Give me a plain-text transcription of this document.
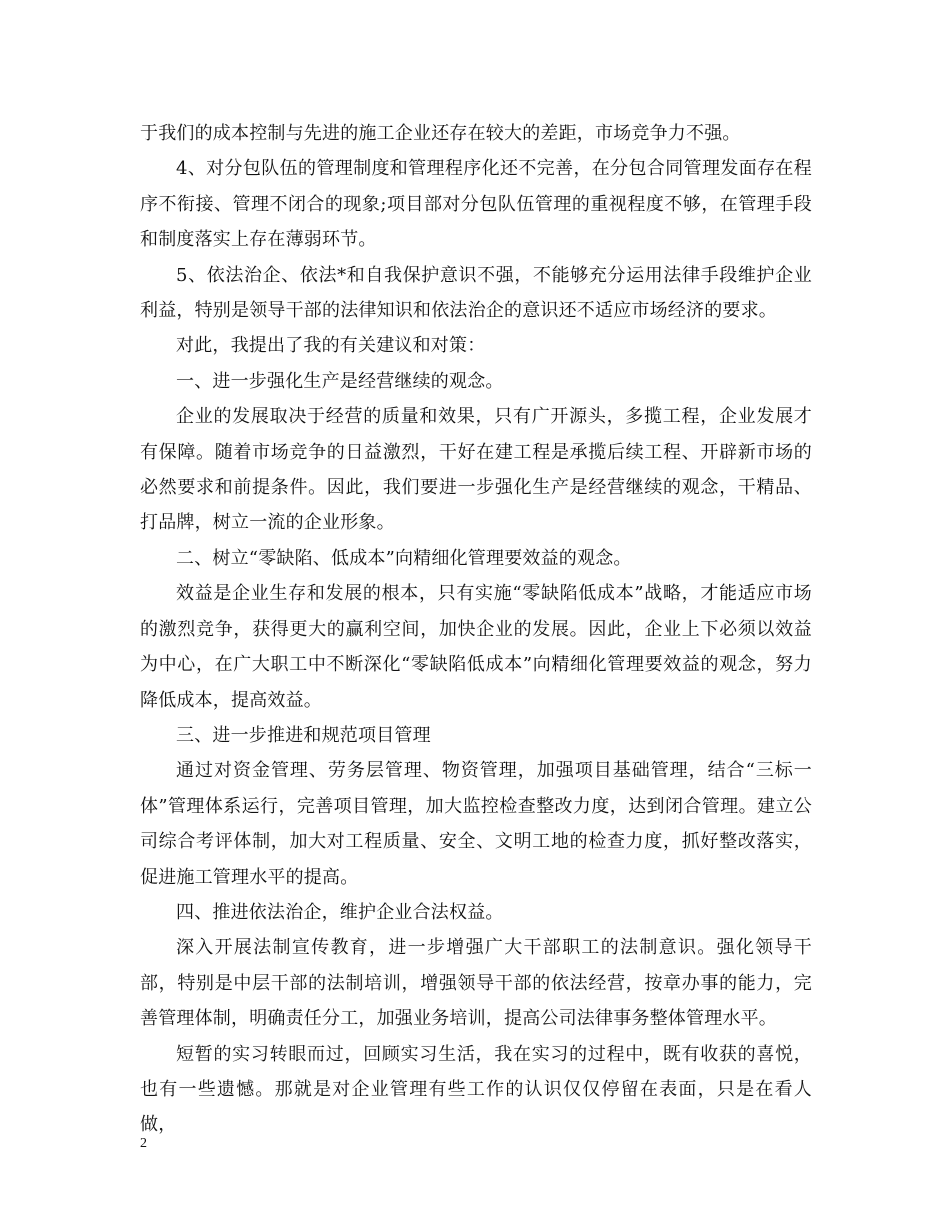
于我们的成本控制与先进的施工企业还存在较大的差距，市场竞争力不强。

4、对分包队伍的管理制度和管理程序化还不完善，在分包合同管理发面存在程序不衔接、管理不闭合的现象;项目部对分包队伍管理的重视程度不够，在管理手段和制度落实上存在薄弱环节。

5、依法治企、依法*和自我保护意识不强，不能够充分运用法律手段维护企业利益，特别是领导干部的法律知识和依法治企的意识还不适应市场经济的要求。

对此，我提出了我的有关建议和对策：

一、进一步强化生产是经营继续的观念。

企业的发展取决于经营的质量和效果，只有广开源头，多揽工程，企业发展才有保障。随着市场竞争的日益激烈，干好在建工程是承揽后续工程、开辟新市场的必然要求和前提条件。因此，我们要进一步强化生产是经营继续的观念，干精品、打品牌，树立一流的企业形象。

二、树立“零缺陷、低成本”向精细化管理要效益的观念。

效益是企业生存和发展的根本，只有实施“零缺陷低成本”战略，才能适应市场的激烈竞争，获得更大的赢利空间，加快企业的发展。因此，企业上下必须以效益为中心，在广大职工中不断深化“零缺陷低成本”向精细化管理要效益的观念，努力降低成本，提高效益。

三、进一步推进和规范项目管理

通过对资金管理、劳务层管理、物资管理，加强项目基础管理，结合“三标一体”管理体系运行，完善项目管理，加大监控检查整改力度，达到闭合管理。建立公司综合考评体制，加大对工程质量、安全、文明工地的检查力度，抓好整改落实，促进施工管理水平的提高。

四、推进依法治企，维护企业合法权益。

深入开展法制宣传教育，进一步增强广大干部职工的法制意识。强化领导干部，特别是中层干部的法制培训，增强领导干部的依法经营，按章办事的能力，完善管理体制，明确责任分工，加强业务培训，提高公司法律事务整体管理水平。

短暂的实习转眼而过，回顾实习生活，我在实习的过程中，既有收获的喜悦，也有一些遗憾。那就是对企业管理有些工作的认识仅仅停留在表面，只是在看人做，

2
